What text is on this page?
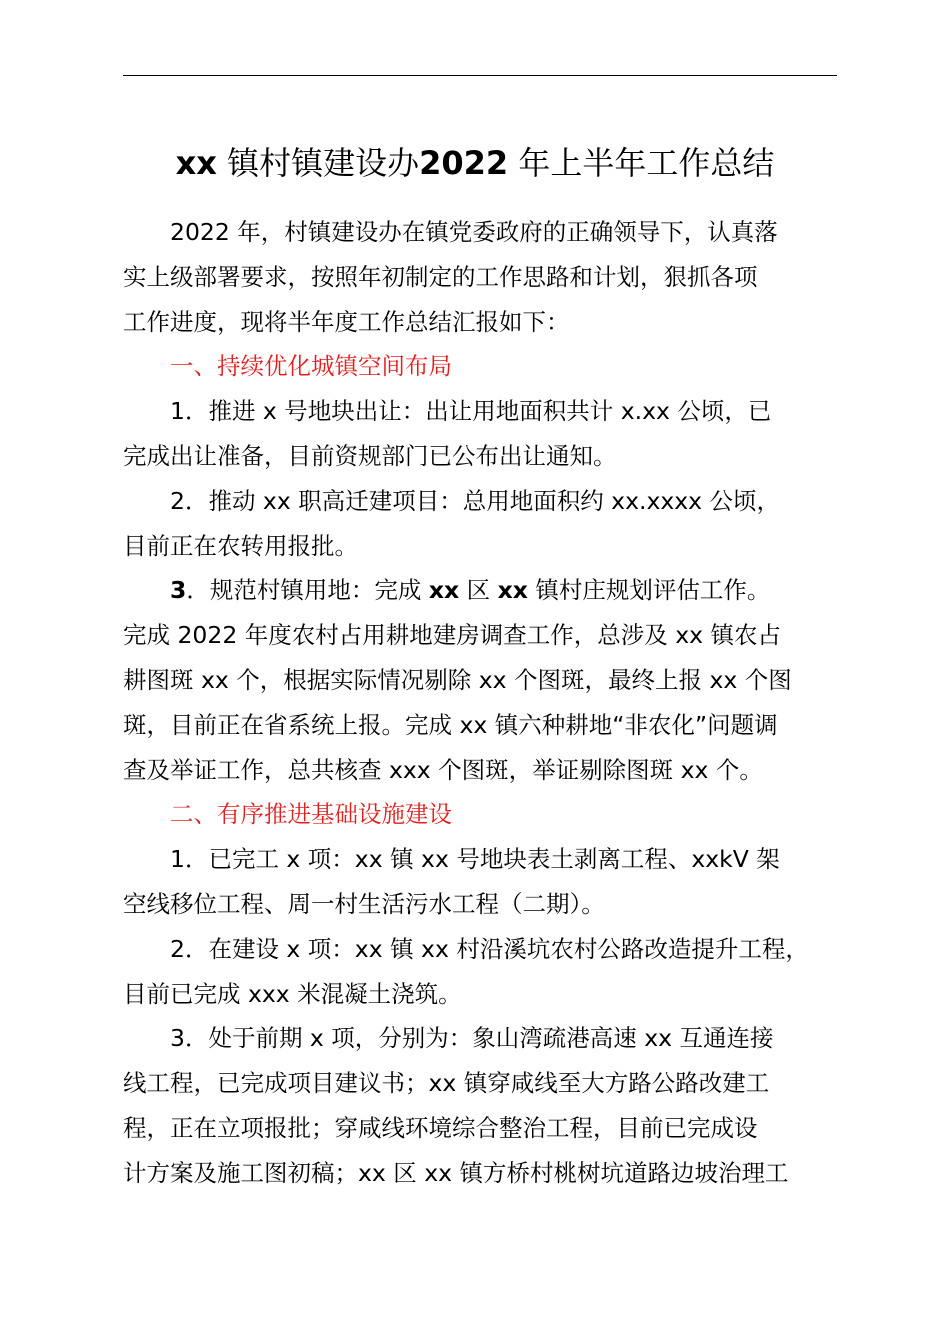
xx 镇村镇建设办2022 年上半年工作总结
2022 年，村镇建设办在镇党委政府的正确领导下，认真落
实上级部署要求，按照年初制定的工作思路和计划，狠抓各项
工作进度，现将半年度工作总结汇报如下：
一、持续优化城镇空间布局
1．推进 x 号地块出让：出让用地面积共计 x.xx 公顷，已
完成出让准备，目前资规部门已公布出让通知。
2．推动 xx 职高迁建项目：总用地面积约 xx.xxxx 公顷，
目前正在农转用报批。
3．规范村镇用地：完成 xx 区 xx 镇村庄规划评估工作。
完成 2022 年度农村占用耕地建房调查工作，总涉及 xx 镇农占
耕图斑 xx 个，根据实际情况剔除 xx 个图斑，最终上报 xx 个图
斑，目前正在省系统上报。完成 xx 镇六种耕地“非农化”问题调
查及举证工作，总共核查 xxx 个图斑，举证剔除图斑 xx 个。
二、有序推进基础设施建设
1．已完工 x 项：xx 镇 xx 号地块表土剥离工程、xxkV 架
空线移位工程、周一村生活污水工程（二期）。
2．在建设 x 项：xx 镇 xx 村沿溪坑农村公路改造提升工程，
目前已完成 xxx 米混凝土浇筑。
3．处于前期 x 项，分别为：象山湾疏港高速 xx 互通连接
线工程，已完成项目建议书；xx 镇穿咸线至大方路公路改建工
程，正在立项报批；穿咸线环境综合整治工程，目前已完成设
计方案及施工图初稿；xx 区 xx 镇方桥村桃树坑道路边坡治理工
